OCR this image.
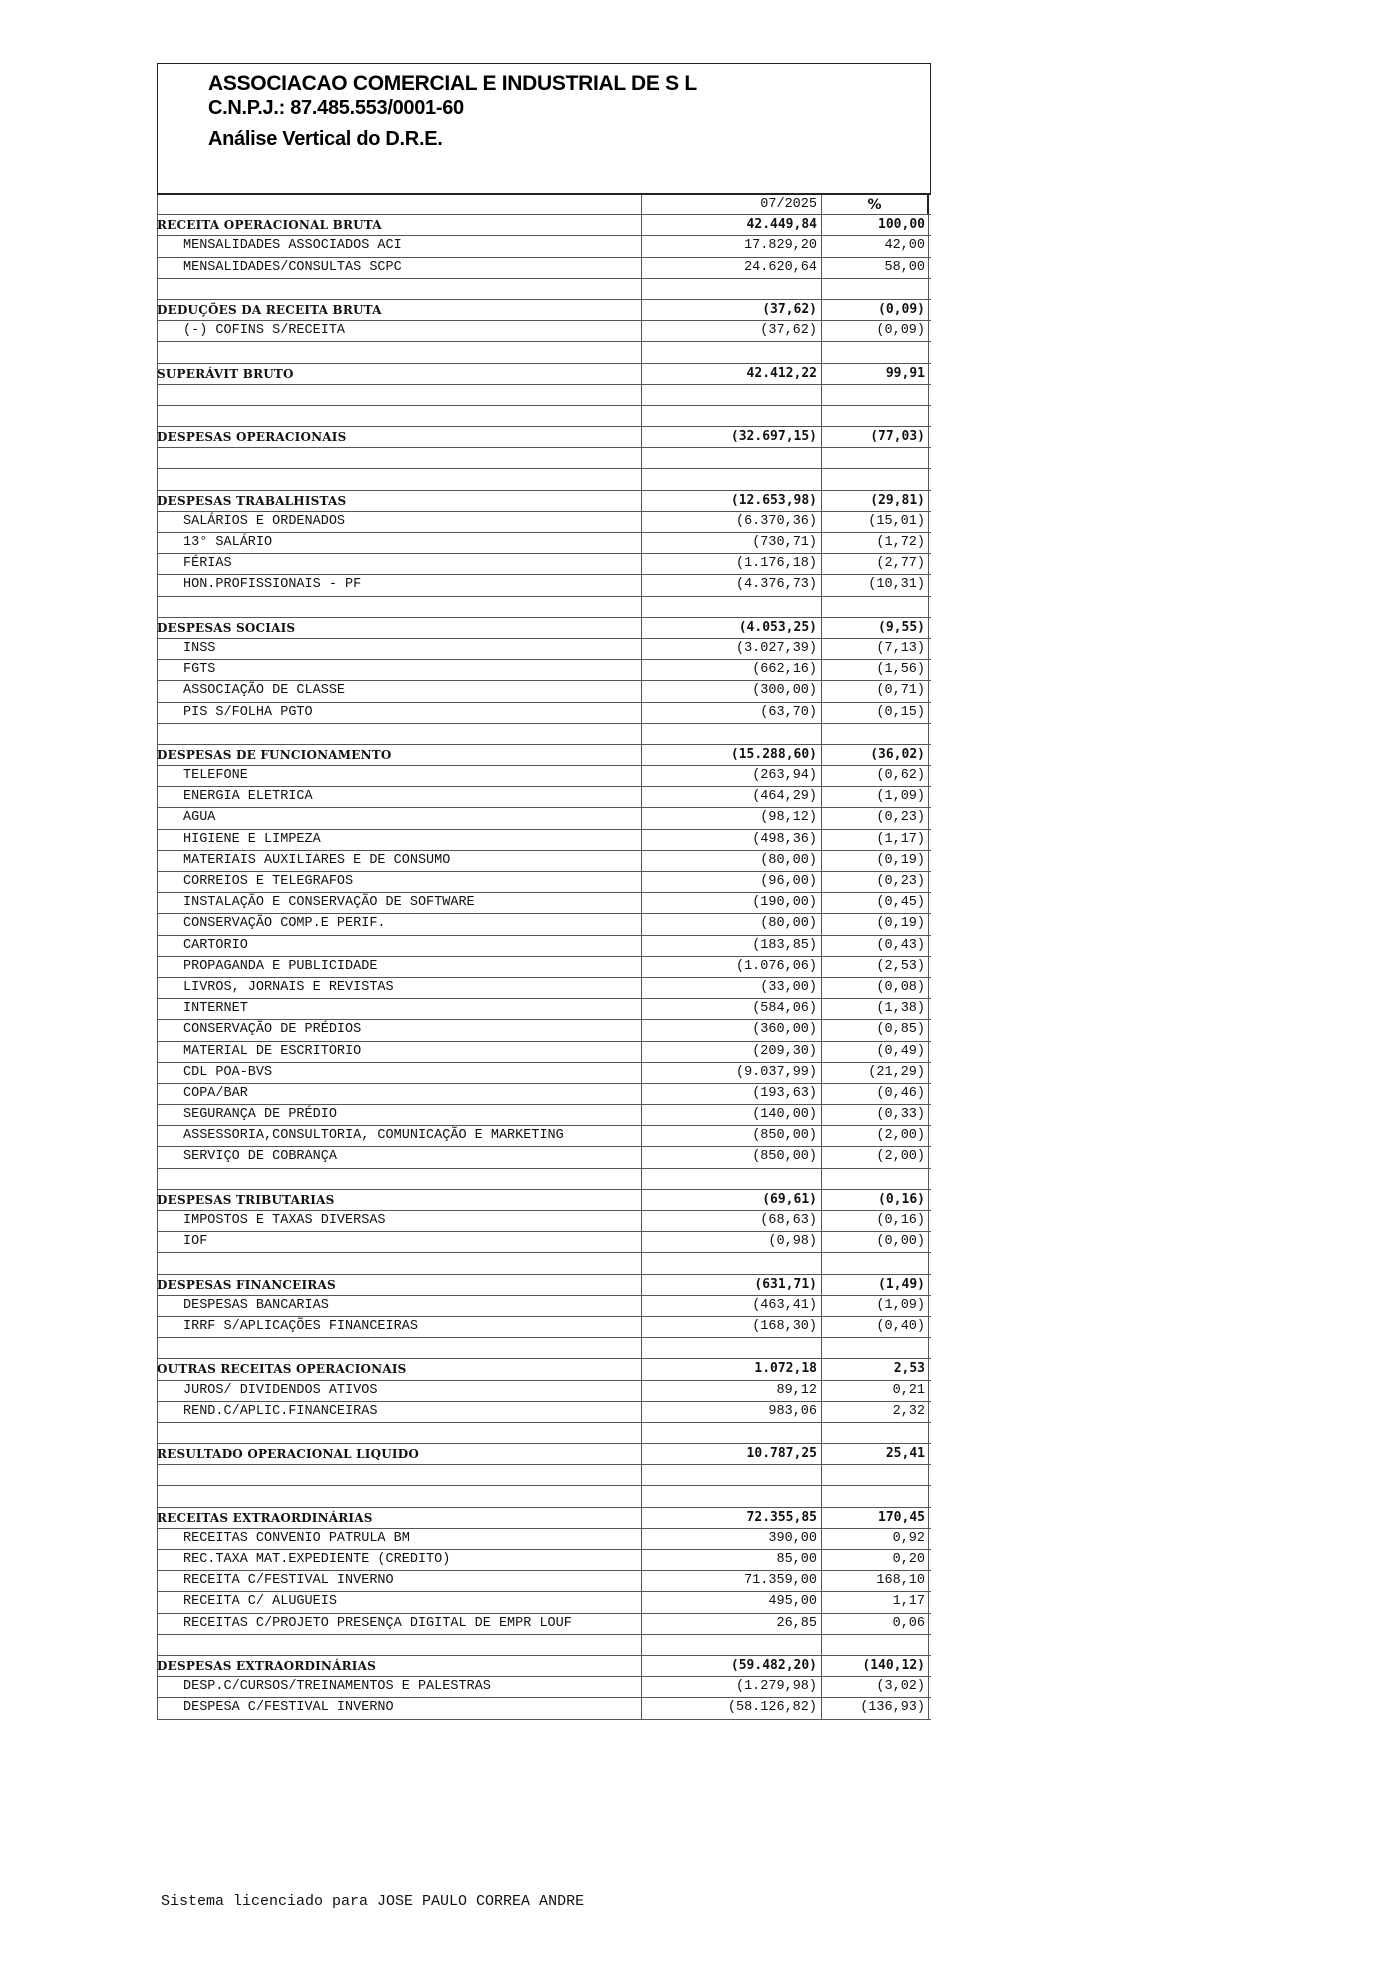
ASSOCIACAO COMERCIAL E INDUSTRIAL DE S L
C.N.P.J.: 87.485.553/0001-60
Análise Vertical do D.R.E.
07/2025	%
RECEITA OPERACIONAL BRUTA	42.449,84	100,00
MENSALIDADES ASSOCIADOS ACI	17.829,20	42,00
MENSALIDADES/CONSULTAS SCPC	24.620,64	58,00
DEDUÇÕES DA RECEITA BRUTA	(37,62)	(0,09)
(-) COFINS S/RECEITA	(37,62)	(0,09)
SUPERÁVIT BRUTO	42.412,22	99,91
DESPESAS OPERACIONAIS	(32.697,15)	(77,03)
DESPESAS TRABALHISTAS	(12.653,98)	(29,81)
SALÁRIOS E ORDENADOS	(6.370,36)	(15,01)
13° SALÁRIO	(730,71)	(1,72)
FÉRIAS	(1.176,18)	(2,77)
HON.PROFISSIONAIS - PF	(4.376,73)	(10,31)
DESPESAS SOCIAIS	(4.053,25)	(9,55)
INSS	(3.027,39)	(7,13)
FGTS	(662,16)	(1,56)
ASSOCIAÇÃO DE CLASSE	(300,00)	(0,71)
PIS S/FOLHA PGTO	(63,70)	(0,15)
DESPESAS DE FUNCIONAMENTO	(15.288,60)	(36,02)
TELEFONE	(263,94)	(0,62)
ENERGIA ELETRICA	(464,29)	(1,09)
AGUA	(98,12)	(0,23)
HIGIENE E LIMPEZA	(498,36)	(1,17)
MATERIAIS AUXILIARES E DE CONSUMO	(80,00)	(0,19)
CORREIOS E TELEGRAFOS	(96,00)	(0,23)
INSTALAÇÃO E CONSERVAÇÃO DE SOFTWARE	(190,00)	(0,45)
CONSERVAÇÃO COMP.E PERIF.	(80,00)	(0,19)
CARTORIO	(183,85)	(0,43)
PROPAGANDA E PUBLICIDADE	(1.076,06)	(2,53)
LIVROS, JORNAIS E REVISTAS	(33,00)	(0,08)
INTERNET	(584,06)	(1,38)
CONSERVAÇÃO DE PRÉDIOS	(360,00)	(0,85)
MATERIAL DE ESCRITORIO	(209,30)	(0,49)
CDL POA-BVS	(9.037,99)	(21,29)
COPA/BAR	(193,63)	(0,46)
SEGURANÇA DE PRÉDIO	(140,00)	(0,33)
ASSESSORIA,CONSULTORIA, COMUNICAÇÃO E MARKETING	(850,00)	(2,00)
SERVIÇO DE COBRANÇA	(850,00)	(2,00)
DESPESAS TRIBUTARIAS	(69,61)	(0,16)
IMPOSTOS E TAXAS DIVERSAS	(68,63)	(0,16)
IOF	(0,98)	(0,00)
DESPESAS FINANCEIRAS	(631,71)	(1,49)
DESPESAS BANCARIAS	(463,41)	(1,09)
IRRF S/APLICAÇÕES FINANCEIRAS	(168,30)	(0,40)
OUTRAS RECEITAS OPERACIONAIS	1.072,18	2,53
JUROS/ DIVIDENDOS ATIVOS	89,12	0,21
REND.C/APLIC.FINANCEIRAS	983,06	2,32
RESULTADO OPERACIONAL LIQUIDO	10.787,25	25,41
RECEITAS EXTRAORDINÁRIAS	72.355,85	170,45
RECEITAS CONVENIO PATRULA BM	390,00	0,92
REC.TAXA MAT.EXPEDIENTE (CREDITO)	85,00	0,20
RECEITA C/FESTIVAL INVERNO	71.359,00	168,10
RECEITA C/ ALUGUEIS	495,00	1,17
RECEITAS C/PROJETO PRESENÇA DIGITAL DE EMPR LOUF	26,85	0,06
DESPESAS EXTRAORDINÁRIAS	(59.482,20)	(140,12)
DESP.C/CURSOS/TREINAMENTOS E PALESTRAS	(1.279,98)	(3,02)
DESPESA C/FESTIVAL INVERNO	(58.126,82)	(136,93)
Sistema licenciado para JOSE PAULO CORREA ANDRE
